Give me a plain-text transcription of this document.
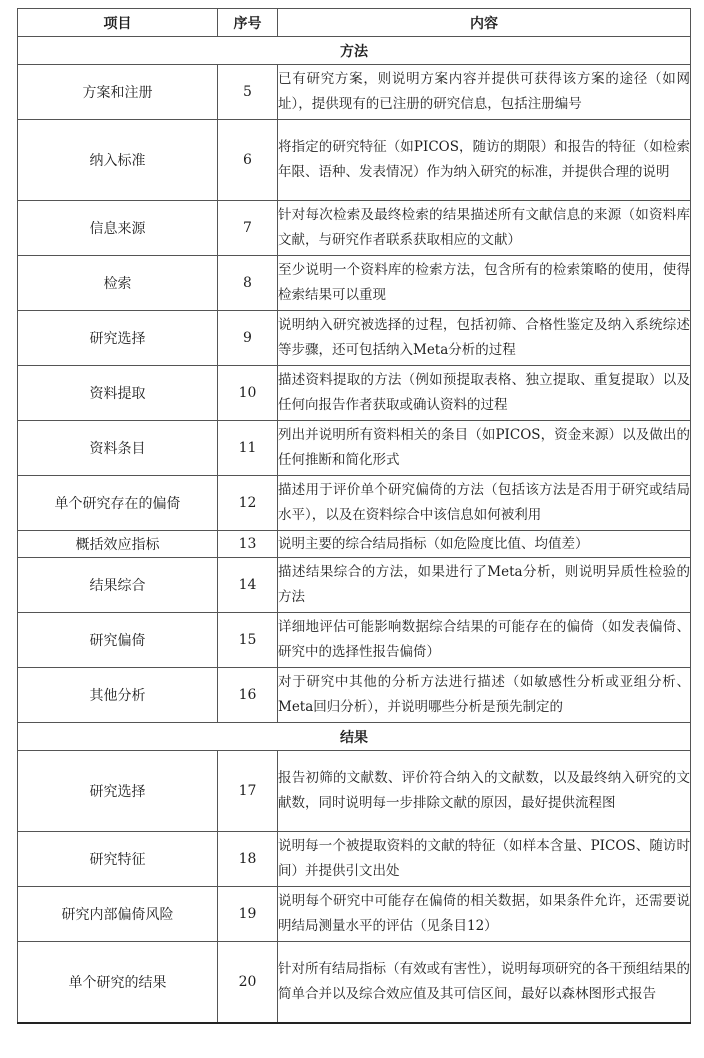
项目	序号	内容
方法		
方案和注册	5	已有研究方案，则说明方案内容并提供可获得该方案的途径（如网址），提供现有的已注册的研究信息，包括注册编号
纳入标准	6	将指定的研究特征（如PICOS，随访的期限）和报告的特征（如检索年限、语种、发表情况）作为纳入研究的标准，并提供合理的说明
信息来源	7	针对每次检索及最终检索的结果描述所有文献信息的来源（如资料库文献，与研究作者联系获取相应的文献）
检索	8	至少说明一个资料库的检索方法，包含所有的检索策略的使用，使得检索结果可以重现
研究选择	9	说明纳入研究被选择的过程，包括初筛、合格性鉴定及纳入系统综述等步骤，还可包括纳入Meta分析的过程
资料提取	10	描述资料提取的方法（例如预提取表格、独立提取、重复提取）以及任何向报告作者获取或确认资料的过程
资料条目	11	列出并说明所有资料相关的条目（如PICOS，资金来源）以及做出的任何推断和简化形式
单个研究存在的偏倚	12	描述用于评价单个研究偏倚的方法（包括该方法是否用于研究或结局水平），以及在资料综合中该信息如何被利用
概括效应指标	13	说明主要的综合结局指标（如危险度比值、均值差）
结果综合	14	描述结果综合的方法，如果进行了Meta分析，则说明异质性检验的方法
研究偏倚	15	详细地评估可能影响数据综合结果的可能存在的偏倚（如发表偏倚、研究中的选择性报告偏倚）
其他分析	16	对于研究中其他的分析方法进行描述（如敏感性分析或亚组分析、Meta回归分析），并说明哪些分析是预先制定的
结果		
研究选择	17	报告初筛的文献数、评价符合纳入的文献数，以及最终纳入研究的文献数，同时说明每一步排除文献的原因，最好提供流程图
研究特征	18	说明每一个被提取资料的文献的特征（如样本含量、PICOS、随访时间）并提供引文出处
研究内部偏倚风险	19	说明每个研究中可能存在偏倚的相关数据，如果条件允许，还需要说明结局测量水平的评估（见条目12）
单个研究的结果	20	针对所有结局指标（有效或有害性），说明每项研究的各干预组结果的简单合并以及综合效应值及其可信区间，最好以森林图形式报告
